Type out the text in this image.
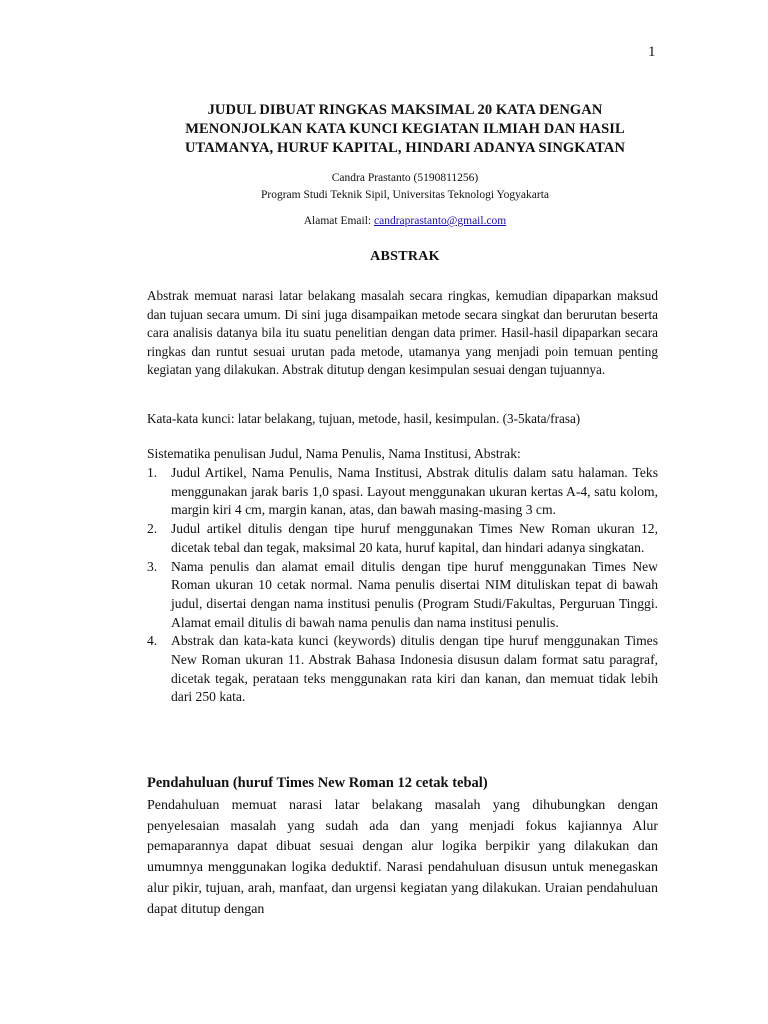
1
JUDUL DIBUAT RINGKAS MAKSIMAL 20 KATA DENGAN
MENONJOLKAN KATA KUNCI KEGIATAN ILMIAH DAN HASIL
UTAMANYA, HURUF KAPITAL, HINDARI ADANYA SINGKATAN
Candra Prastanto (5190811256)
Program Studi Teknik Sipil, Universitas Teknologi Yogyakarta
Alamat Email: candraprastanto@gmail.com
ABSTRAK
Abstrak memuat narasi latar belakang masalah secara ringkas, kemudian dipaparkan maksud dan tujuan secara umum. Di sini juga disampaikan metode secara singkat dan berurutan beserta cara analisis datanya bila itu suatu penelitian dengan data primer. Hasil-hasil dipaparkan secara ringkas dan runtut sesuai urutan pada metode, utamanya yang menjadi poin temuan penting kegiatan yang dilakukan. Abstrak ditutup dengan kesimpulan sesuai dengan tujuannya.
Kata-kata kunci: latar belakang, tujuan, metode, hasil, kesimpulan. (3-5kata/frasa)
Sistematika penulisan Judul, Nama Penulis, Nama Institusi, Abstrak:
1. Judul Artikel, Nama Penulis, Nama Institusi, Abstrak ditulis dalam satu halaman. Teks menggunakan jarak baris 1,0 spasi. Layout menggunakan ukuran kertas A-4, satu kolom, margin kiri 4 cm, margin kanan, atas, dan bawah masing-masing 3 cm.
2. Judul artikel ditulis dengan tipe huruf menggunakan Times New Roman ukuran 12, dicetak tebal dan tegak, maksimal 20 kata, huruf kapital, dan hindari adanya singkatan.
3. Nama penulis dan alamat email ditulis dengan tipe huruf menggunakan Times New Roman ukuran 10 cetak normal. Nama penulis disertai NIM dituliskan tepat di bawah judul, disertai dengan nama institusi penulis (Program Studi/Fakultas, Perguruan Tinggi. Alamat email ditulis di bawah nama penulis dan nama institusi penulis.
4. Abstrak dan kata-kata kunci (keywords) ditulis dengan tipe huruf menggunakan Times New Roman ukuran 11. Abstrak Bahasa Indonesia disusun dalam format satu paragraf, dicetak tegak, perataan teks menggunakan rata kiri dan kanan, dan memuat tidak lebih dari 250 kata.
Pendahuluan (huruf Times New Roman 12 cetak tebal)
Pendahuluan memuat narasi latar belakang masalah yang dihubungkan dengan penyelesaian masalah yang sudah ada dan yang menjadi fokus kajiannya Alur pemaparannya dapat dibuat sesuai dengan alur logika berpikir yang dilakukan dan umumnya menggunakan logika deduktif. Narasi pendahuluan disusun untuk menegaskan alur pikir, tujuan, arah, manfaat, dan urgensi kegiatan yang dilakukan. Uraian pendahuluan dapat ditutup dengan
